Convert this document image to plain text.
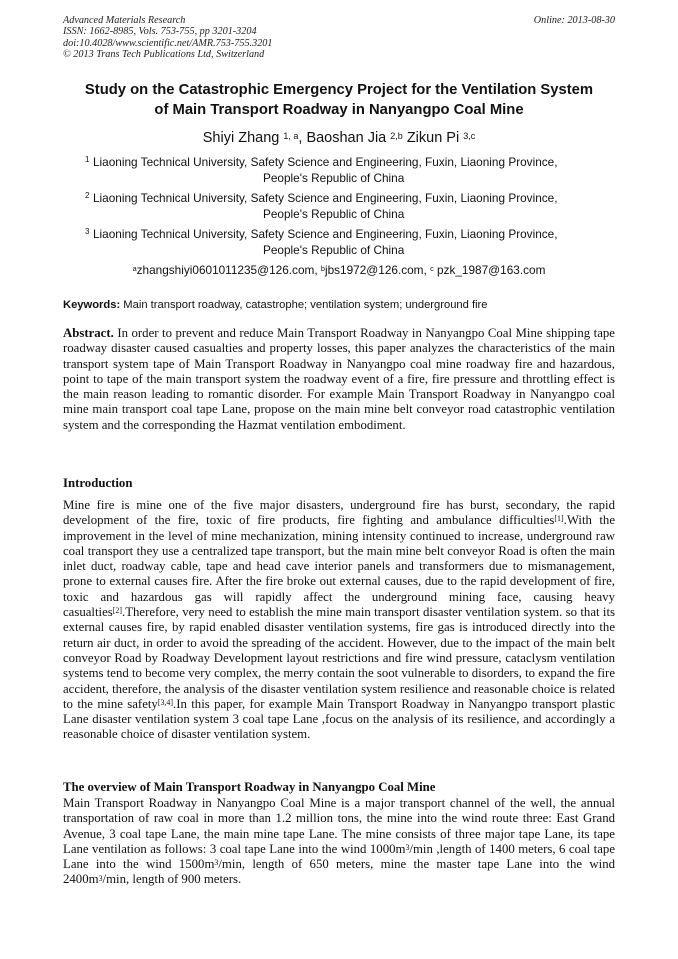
Advanced Materials Research
ISSN: 1662-8985, Vols. 753-755, pp 3201-3204
doi:10.4028/www.scientific.net/AMR.753-755.3201
© 2013 Trans Tech Publications Ltd, Switzerland
Online: 2013-08-30
Study on the Catastrophic Emergency Project for the Ventilation System
of Main Transport Roadway in Nanyangpo Coal Mine
Shiyi Zhang $^{1, a}$, Baoshan Jia $^{2,b}$ Zikun Pi $^{3,c}$
1 Liaoning Technical University, Safety Science and Engineering, Fuxin, Liaoning Province,
People's Republic of China
2 Liaoning Technical University, Safety Science and Engineering, Fuxin, Liaoning Province,
People's Republic of China
3 Liaoning Technical University, Safety Science and Engineering, Fuxin, Liaoning Province,
People's Republic of China
$^a$zhangshiyi0601011235@126.com, $^b$jbs1972@126.com, $^c$ pzk_1987@163.com
Keywords: Main transport roadway, catastrophe; ventilation system; underground fire
Abstract. In order to prevent and reduce Main Transport Roadway in Nanyangpo Coal Mine shipping tape roadway disaster caused casualties and property losses, this paper analyzes the characteristics of the main transport system tape of Main Transport Roadway in Nanyangpo coal mine roadway fire and hazardous, point to tape of the main transport system the roadway event of a fire, fire pressure and throttling effect is the main reason leading to romantic disorder. For example Main Transport Roadway in Nanyangpo coal mine main transport coal tape Lane, propose on the main mine belt conveyor road catastrophic ventilation system and the corresponding the Hazmat ventilation embodiment.
Introduction
Mine fire is mine one of the five major disasters, underground fire has burst, secondary, the rapid development of the fire, toxic of fire products, fire fighting and ambulance difficulties[1].With the improvement in the level of mine mechanization, mining intensity continued to increase, underground raw coal transport they use a centralized tape transport, but the main mine belt conveyor Road is often the main inlet duct, roadway cable, tape and head cave interior panels and transformers due to mismanagement, prone to external causes fire. After the fire broke out external causes, due to the rapid development of fire, toxic and hazardous gas will rapidly affect the underground mining face, causing heavy casualties[2].Therefore, very need to establish the mine main transport disaster ventilation system. so that its external causes fire, by rapid enabled disaster ventilation systems, fire gas is introduced directly into the return air duct, in order to avoid the spreading of the accident. However, due to the impact of the main belt conveyor Road by Roadway Development layout restrictions and fire wind pressure, cataclysm ventilation systems tend to become very complex, the merry contain the soot vulnerable to disorders, to expand the fire accident, therefore, the analysis of the disaster ventilation system resilience and reasonable choice is related to the mine safety[3,4].In this paper, for example Main Transport Roadway in Nanyangpo transport plastic Lane disaster ventilation system 3 coal tape Lane ,focus on the analysis of its resilience, and accordingly a reasonable choice of disaster ventilation system.
The overview of Main Transport Roadway in Nanyangpo Coal Mine
Main Transport Roadway in Nanyangpo Coal Mine is a major transport channel of the well, the annual transportation of raw coal in more than 1.2 million tons, the mine into the wind route three: East Grand Avenue, 3 coal tape Lane, the main mine tape Lane. The mine consists of three major tape Lane, its tape Lane ventilation as follows: 3 coal tape Lane into the wind $1000m^3/\min$ ,length of 1400 meters, 6 coal tape Lane into the wind $1500m^3/\min$, length of 650 meters, mine the master tape Lane into the wind $2400m^3/\min$, length of 900 meters.
